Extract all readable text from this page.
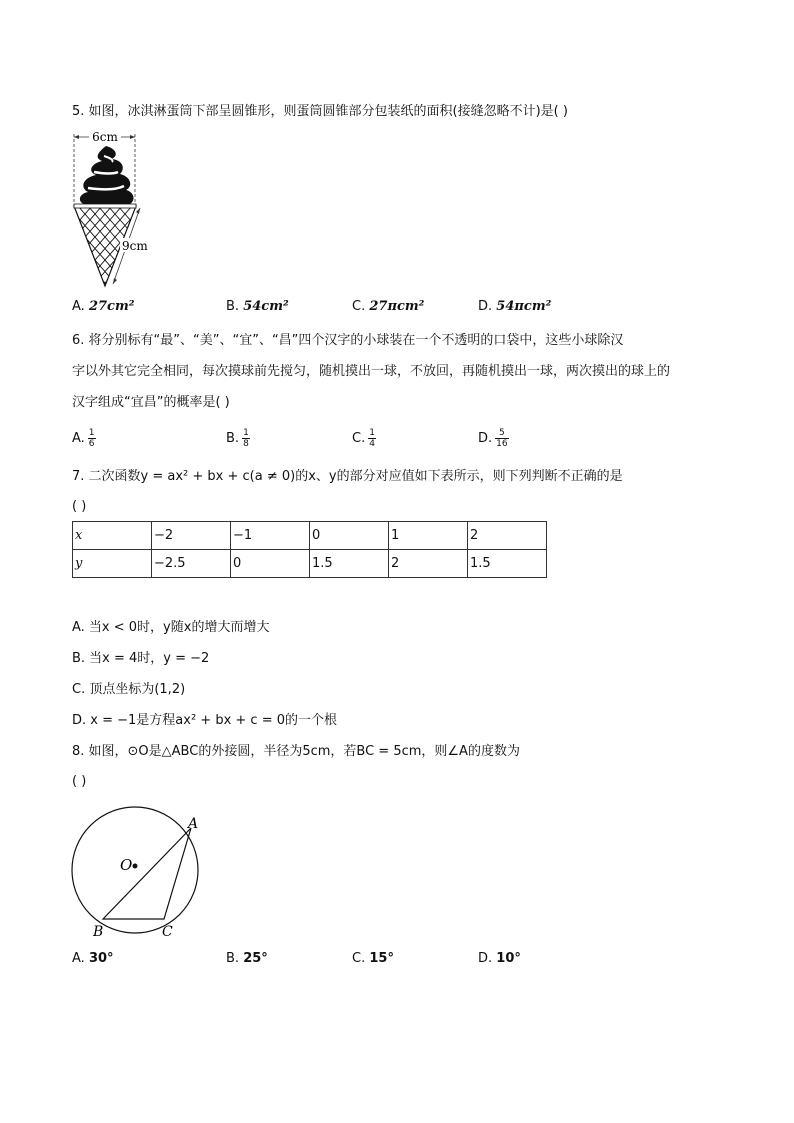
5. 如图，冰淇淋蛋筒下部呈圆锥形，则蛋筒圆锥部分包装纸的面积(接缝忽略不计)是( )
6cm
9cm
A. 27cm²	B. 54cm²	C. 27πcm²	D. 54πcm²
6. 将分别标有“最”、“美”、“宜”、“昌”四个汉字的小球装在一个不透明的口袋中，这些小球除汉
字以外其它完全相同，每次摸球前先搅匀，随机摸出一球，不放回，再随机摸出一球，两次摸出的球上的
汉字组成“宜昌”的概率是( )
A. $\frac{1}{6}$	B. $\frac{1}{8}$	C. $\frac{1}{4}$	D. $\frac{5}{16}$
7. 二次函数y = ax² + bx + c(a ≠ 0)的x、y的部分对应值如下表所示，则下列判断不正确的是
( )
x	−2	−1	0	1	2
y	−2.5	0	1.5	2	1.5
A. 当x < 0时，y随x的增大而增大
B. 当x = 4时，y = −2
C. 顶点坐标为(1,2)
D. x = −1是方程ax² + bx + c = 0的一个根
8. 如图，⊙O是△ABC的外接圆，半径为5cm，若BC = 5cm，则∠A的度数为
( )
O
A
B	C
A. 30°	B. 25°	C. 15°	D. 10°
